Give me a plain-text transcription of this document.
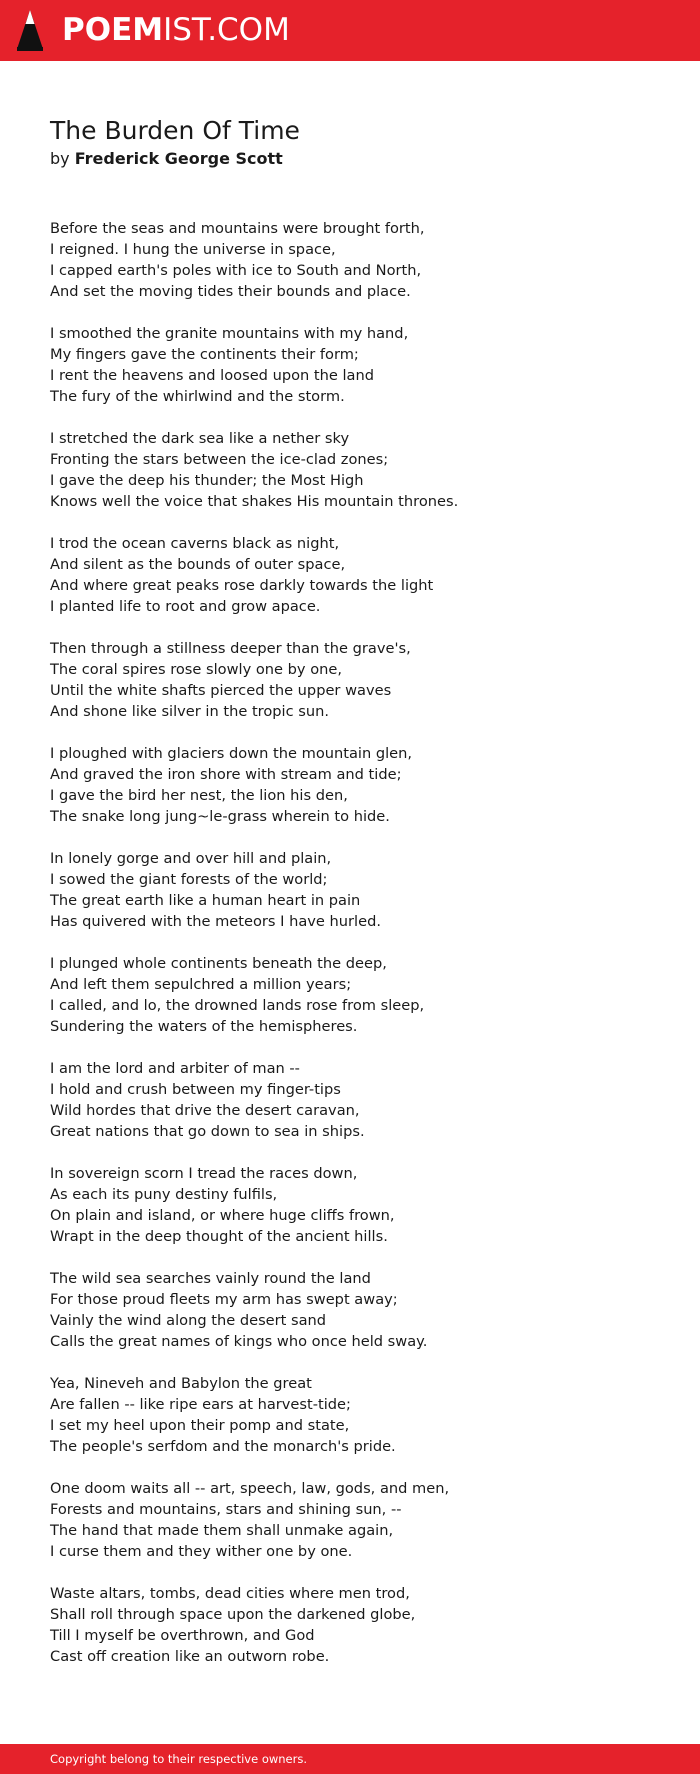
POEMIST.COM
The Burden Of Time
by Frederick George Scott
Before the seas and mountains were brought forth,
I reigned. I hung the universe in space,
I capped earth's poles with ice to South and North,
And set the moving tides their bounds and place.
I smoothed the granite mountains with my hand,
My fingers gave the continents their form;
I rent the heavens and loosed upon the land
The fury of the whirlwind and the storm.
I stretched the dark sea like a nether sky
Fronting the stars between the ice-clad zones;
I gave the deep his thunder; the Most High
Knows well the voice that shakes His mountain thrones.
I trod the ocean caverns black as night,
And silent as the bounds of outer space,
And where great peaks rose darkly towards the light
I planted life to root and grow apace.
Then through a stillness deeper than the grave's,
The coral spires rose slowly one by one,
Until the white shafts pierced the upper waves
And shone like silver in the tropic sun.
I ploughed with glaciers down the mountain glen,
And graved the iron shore with stream and tide;
I gave the bird her nest, the lion his den,
The snake long jung~le-grass wherein to hide.
In lonely gorge and over hill and plain,
I sowed the giant forests of the world;
The great earth like a human heart in pain
Has quivered with the meteors I have hurled.
I plunged whole continents beneath the deep,
And left them sepulchred a million years;
I called, and lo, the drowned lands rose from sleep,
Sundering the waters of the hemispheres.
I am the lord and arbiter of man --
I hold and crush between my finger-tips
Wild hordes that drive the desert caravan,
Great nations that go down to sea in ships.
In sovereign scorn I tread the races down,
As each its puny destiny fulfils,
On plain and island, or where huge cliffs frown,
Wrapt in the deep thought of the ancient hills.
The wild sea searches vainly round the land
For those proud fleets my arm has swept away;
Vainly the wind along the desert sand
Calls the great names of kings who once held sway.
Yea, Nineveh and Babylon the great
Are fallen -- like ripe ears at harvest-tide;
I set my heel upon their pomp and state,
The people's serfdom and the monarch's pride.
One doom waits all -- art, speech, law, gods, and men,
Forests and mountains, stars and shining sun, --
The hand that made them shall unmake again,
I curse them and they wither one by one.
Waste altars, tombs, dead cities where men trod,
Shall roll through space upon the darkened globe,
Till I myself be overthrown, and God
Cast off creation like an outworn robe.
Copyright belong to their respective owners.
